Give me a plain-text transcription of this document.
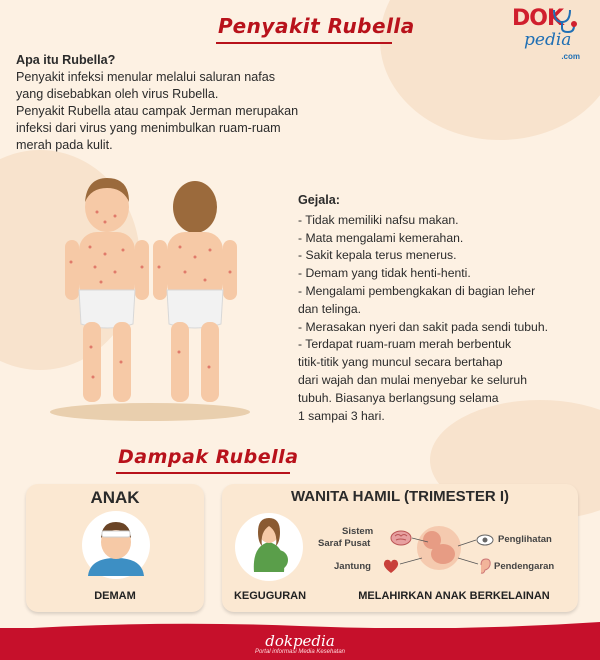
Penyakit Rubella	DOK
pedia
.com
Apa itu Rubella?

Penyakit infeksi menular melalui saluran nafas

yang disebabkan oleh virus Rubella.

Penyakit Rubella atau campak Jerman merupakan

infeksi dari virus yang menimbulkan ruam-ruam

merah pada kulit.

Gejala:
- Tidak memiliki nafsu makan.
- Mata mengalami kemerahan.
- Sakit kepala terus menerus.
- Demam yang tidak henti-henti.
- Mengalami pembengkakan di bagian leher
dan telinga.
- Merasakan nyeri dan sakit pada sendi tubuh.
- Terdapat ruam-ruam merah berbentuk
titik-titik yang muncul secara bertahap
dari wajah dan mulai menyebar ke seluruh
tubuh. Biasanya berlangsung selama
1 sampai 3 hari.
Dampak Rubella
ANAK
DEMAM
WANITA HAMIL (TRIMESTER I)
KEGUGURAN	MELAHIRKAN ANAK BERKELAINAN
Sistem
Saraf Pusat
Jantung
Penglihatan
Pendengaran
dokpedia
Portal informasi Media Kesehatan
